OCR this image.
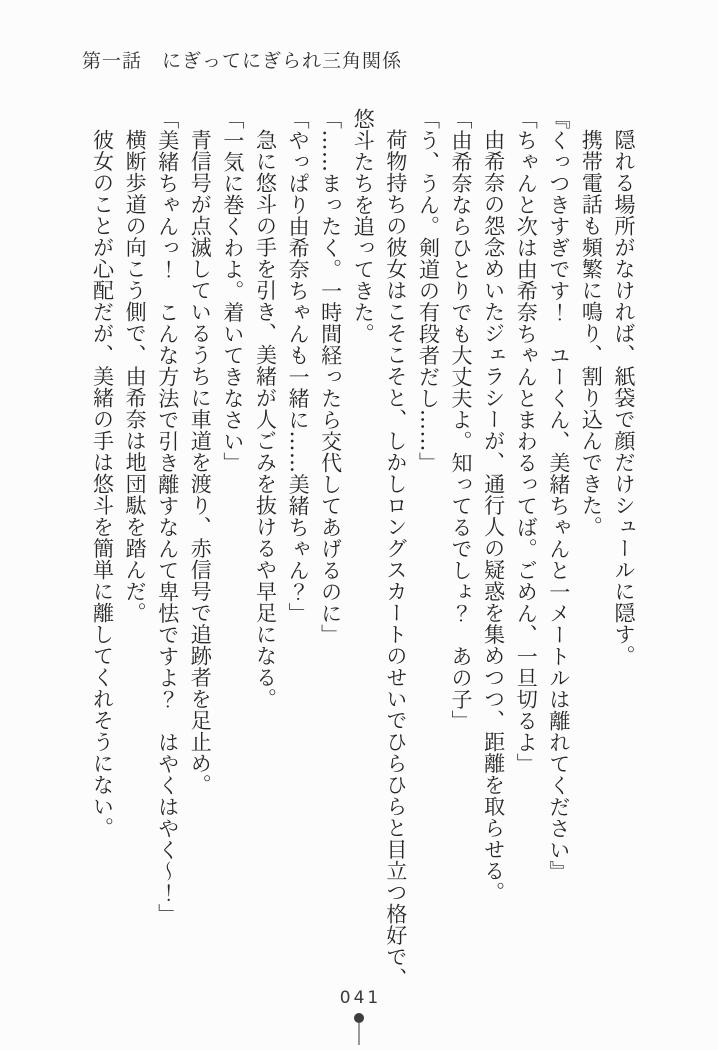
第一話　にぎってにぎられ三角関係

隠れる場所がなければ、紙袋で顔だけシュールに隠す。

携帯電話も頻繁に鳴り、割り込んできた。

『くっつきすぎです！　ユーくん、美緒ちゃんと一メートルは離れてください』

「ちゃんと次は由希奈ちゃんとまわるってば。ごめん、一旦切るよ」

由希奈の怨念めいたジェラシーが、通行人の疑惑を集めつつ、距離を取らせる。

「由希奈ならひとりでも大丈夫よ。知ってるでしょ？　あの子」

「う、うん。剣道の有段者だし……」

荷物持ちの彼女はこそこそと、しかしロングスカートのせいでひらひらと目立つ格好で、悠斗たちを追ってきた。

「……まったく。一時間経ったら交代してあげるのに」

「やっぱり由希奈ちゃんも一緒に……美緒ちゃん？」

急に悠斗の手を引き、美緒が人ごみを抜けるや早足になる。

「一気に巻くわよ。着いてきなさい」

青信号が点滅しているうちに車道を渡り、赤信号で追跡者を足止め。

「美緒ちゃんっ！　こんな方法で引き離すなんて卑怯ですよ？　はやくはやく〜！」

横断歩道の向こう側で、由希奈は地団駄を踏んだ。

彼女のことが心配だが、美緒の手は悠斗を簡単に離してくれそうにない。

041
